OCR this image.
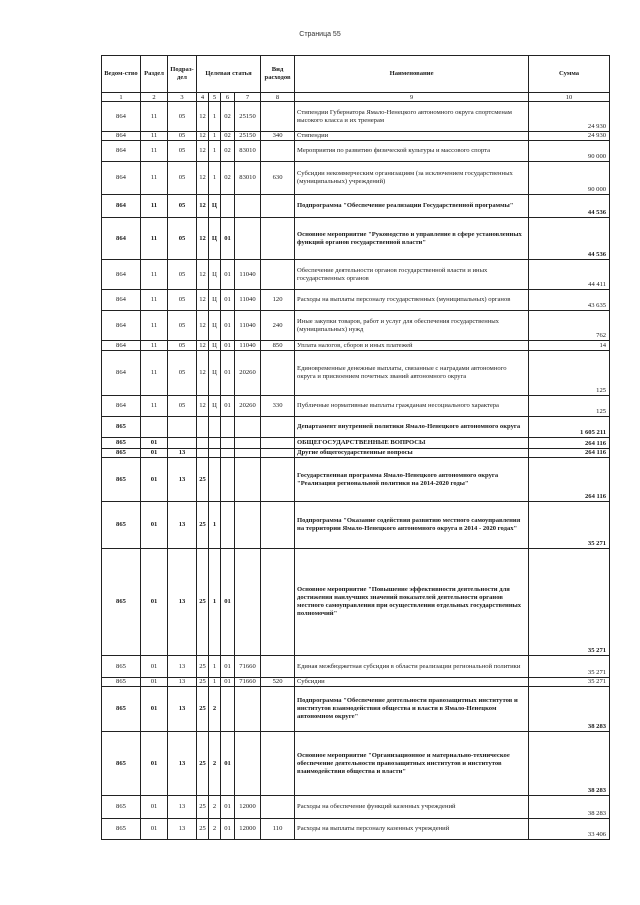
Страница 55
Ведом-ство	Раздел	Подраз-дел	Целевая статья				Вид расходов	Наименование	Сумма
1	2	3	4	5	6	7	8	9	10
864	11	05	12	1	02	25150		Стипендии Губернатора Ямало-Ненецкого автономного округа спортсменам высокого класса и их тренерам	24 930
864	11	05	12	1	02	25150	340	Стипендии	24 930
864	11	05	12	1	02	83010		Мероприятия по развитию физической культуры и массового спорта	90 000
864	11	05	12	1	02	83010	630	Субсидии некоммерческим организациям (за исключением государственных (муниципальных) учреждений)	90 000
864	11	05	12	Ц				Подпрограмма "Обеспечение реализации Государственной программы"	44 536
864	11	05	12	Ц	01			Основное мероприятие "Руководство и управление в сфере установленных функций органов государственной власти"	44 536
864	11	05	12	Ц	01	11040		Обеспечение деятельности органов государственной власти и иных государственных органов	44 411
864	11	05	12	Ц	01	11040	120	Расходы на выплаты персоналу государственных (муниципальных) органов	43 635
864	11	05	12	Ц	01	11040	240	Иные закупки товаров, работ и услуг для обеспечения государственных (муниципальных) нужд	762
864	11	05	12	Ц	01	11040	850	Уплата налогов, сборов и иных платежей	14
864	11	05	12	Ц	01	20260		Единовременные денежные выплаты, связанные с наградами автономного округа и присвоением почетных званий автономного округа	125
864	11	05	12	Ц	01	20260	330	Публичные нормативные выплаты гражданам несоциального характера	125
865								Департамент внутренней политики Ямало-Ненецкого автономного округа	1 605 211
865	01							ОБЩЕГОСУДАРСТВЕННЫЕ ВОПРОСЫ	264 116
865	01	13						Другие общегосударственные вопросы	264 116
865	01	13	25					Государственная программа Ямало-Ненецкого автономного округа "Реализация региональной политики на 2014-2020 годы"	264 116
865	01	13	25	1				Подпрограмма "Оказание содействия развитию местного самоуправления на территории Ямало-Ненецкого автономного округа в 2014 - 2020 годах"	35 271
865	01	13	25	1	01			Основное мероприятие "Повышение эффективности деятельности для достижения наилучших значений показателей деятельности органов местного самоуправления при осуществлении отдельных государственных полномочий"	35 271
865	01	13	25	1	01	71660		Единая межбюджетная субсидия в области реализации региональной политики	35 271
865	01	13	25	1	01	71660	520	Субсидии	35 271
865	01	13	25	2				Подпрограмма "Обеспечение деятельности правозащитных институтов и институтов взаимодействия общества и власти в Ямало-Ненецком автономном округе"	38 283
865	01	13	25	2	01			Основное мероприятие "Организационное и материально-техническое обеспечение деятельности правозащитных институтов и институтов взаимодействия общества и власти"	38 283
865	01	13	25	2	01	12000		Расходы на обеспечение функций казенных учреждений	38 283
865	01	13	25	2	01	12000	110	Расходы на выплаты персоналу казенных учреждений	33 406
